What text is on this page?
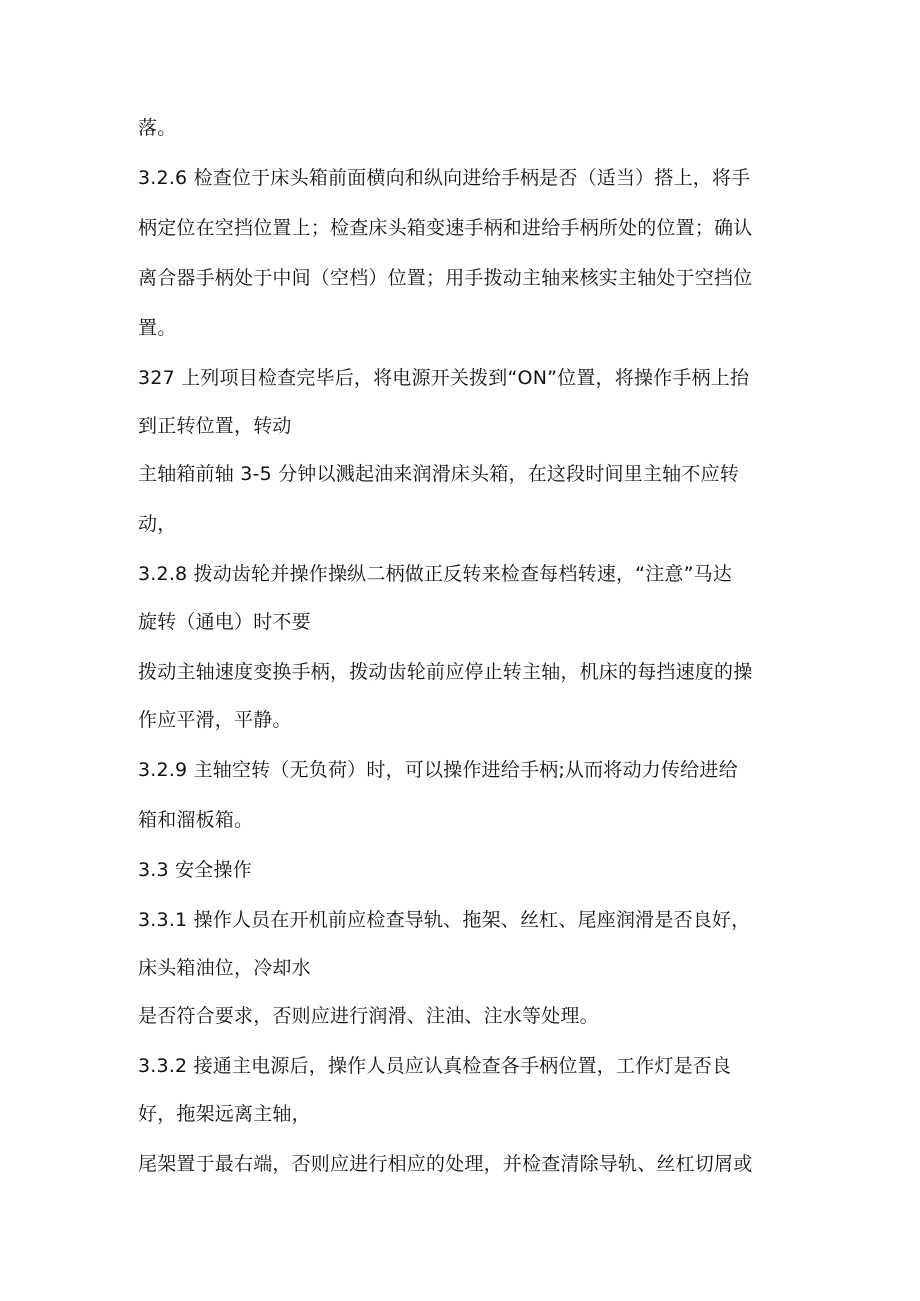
落。
3.2.6 检查位于床头箱前面横向和纵向进给手柄是否（适当）搭上，将手
柄定位在空挡位置上；检查床头箱变速手柄和进给手柄所处的位置；确认
离合器手柄处于中间（空档）位置；用手拨动主轴来核实主轴处于空挡位
置。
327 上列项目检查完毕后，将电源开关拨到“ON”位置，将操作手柄上抬
到正转位置，转动
主轴箱前轴 3-5 分钟以溅起油来润滑床头箱，在这段时间里主轴不应转
动，
3.2.8 拨动齿轮并操作操纵二柄做正反转来检查每档转速，“注意”马达
旋转（通电）时不要
拨动主轴速度变换手柄，拨动齿轮前应停止转主轴，机床的每挡速度的操
作应平滑，平静。
3.2.9 主轴空转（无负荷）时，可以操作进给手柄;从而将动力传给进给
箱和溜板箱。
3.3 安全操作
3.3.1 操作人员在开机前应检查导轨、拖架、丝杠、尾座润滑是否良好，
床头箱油位，冷却水
是否符合要求，否则应进行润滑、注油、注水等处理。
3.3.2 接通主电源后，操作人员应认真检查各手柄位置，工作灯是否良
好，拖架远离主轴，
尾架置于最右端，否则应进行相应的处理，并检查清除导轨、丝杠切屑或
